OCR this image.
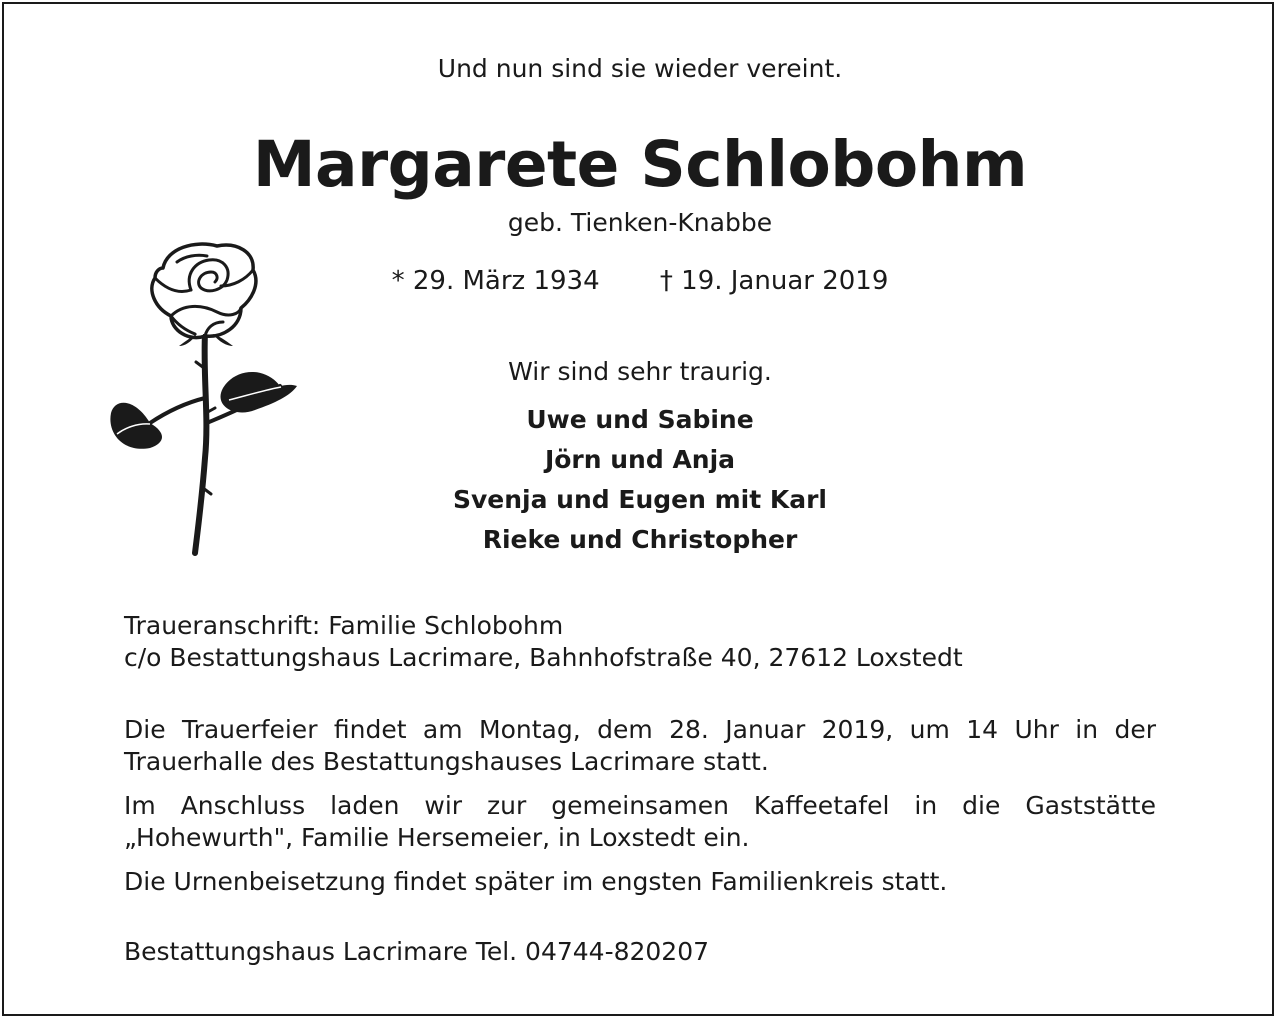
Und nun sind sie wieder vereint.
Margarete Schlobohm
geb. Tienken-Knabbe
* 29. März 1934 † 19. Januar 2019
Wir sind sehr traurig.
Uwe und Sabine
Jörn und Anja
Svenja und Eugen mit Karl
Rieke und Christopher

Traueranschrift: Familie Schlobohm

c/o Bestattungshaus Lacrimare, Bahnhofstraße 40, 27612 Loxstedt

Die Trauerfeier findet am Montag, dem 28. Januar 2019, um 14 Uhr in der Trauerhalle des Bestattungshauses Lacrimare statt.
Im Anschluss laden wir zur gemeinsamen Kaffeetafel in die Gaststätte „Hohewurth", Familie Hersemeier, in Loxstedt ein.
Die Urnenbeisetzung findet später im engsten Familienkreis statt.
Bestattungshaus Lacrimare Tel. 04744-820207
